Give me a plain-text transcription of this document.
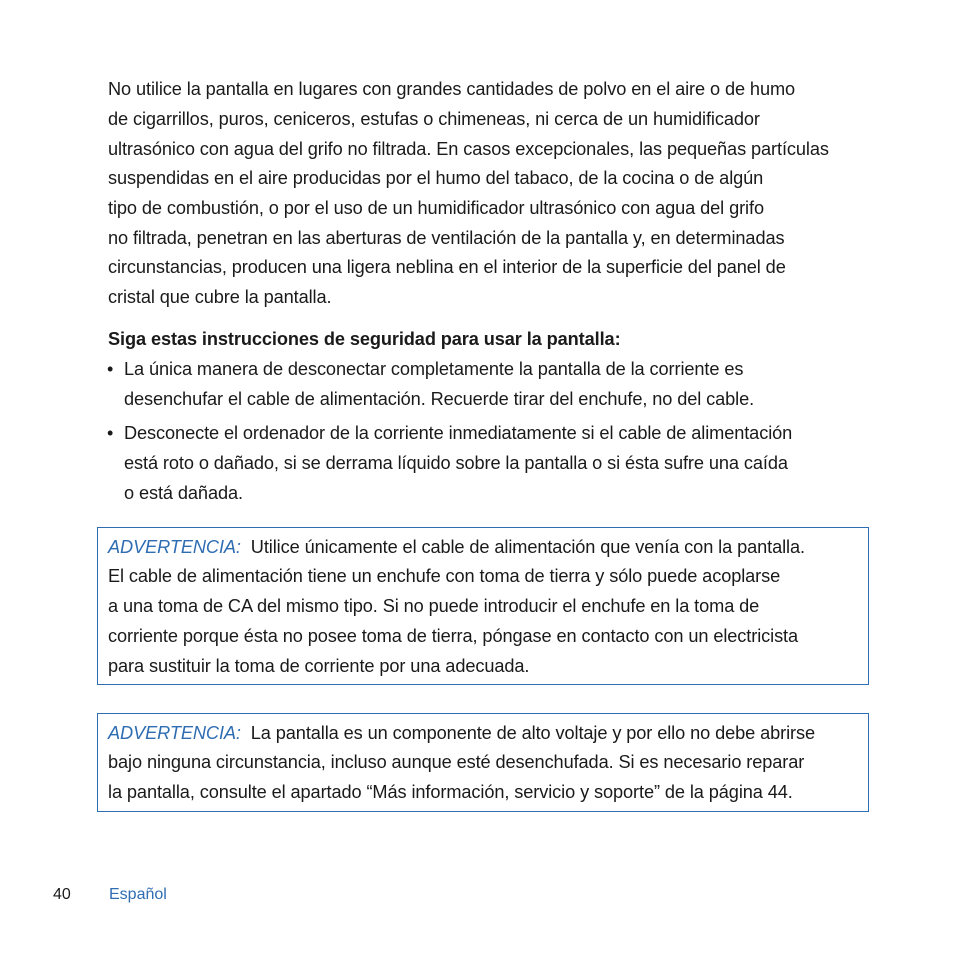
No utilice la pantalla en lugares con grandes cantidades de polvo en el aire o de humo
de cigarrillos, puros, ceniceros, estufas o chimeneas, ni cerca de un humidificador
ultrasónico con agua del grifo no filtrada. En casos excepcionales, las pequeñas partículas
suspendidas en el aire producidas por el humo del tabaco, de la cocina o de algún
tipo de combustión, o por el uso de un humidificador ultrasónico con agua del grifo
no filtrada, penetran en las aberturas de ventilación de la pantalla y, en determinadas
circunstancias, producen una ligera neblina en el interior de la superficie del panel de
cristal que cubre la pantalla.
Siga estas instrucciones de seguridad para usar la pantalla:
• La única manera de desconectar completamente la pantalla de la corriente es
desenchufar el cable de alimentación. Recuerde tirar del enchufe, no del cable.
• Desconecte el ordenador de la corriente inmediatamente si el cable de alimentación
está roto o dañado, si se derrama líquido sobre la pantalla o si ésta sufre una caída
o está dañada.
ADVERTENCIA: Utilice únicamente el cable de alimentación que venía con la pantalla.
El cable de alimentación tiene un enchufe con toma de tierra y sólo puede acoplarse
a una toma de CA del mismo tipo. Si no puede introducir el enchufe en la toma de
corriente porque ésta no posee toma de tierra, póngase en contacto con un electricista
para sustituir la toma de corriente por una adecuada.
ADVERTENCIA: La pantalla es un componente de alto voltaje y por ello no debe abrirse
bajo ninguna circunstancia, incluso aunque esté desenchufada. Si es necesario reparar
la pantalla, consulte el apartado “Más información, servicio y soporte” de la página 44.
40 Español
